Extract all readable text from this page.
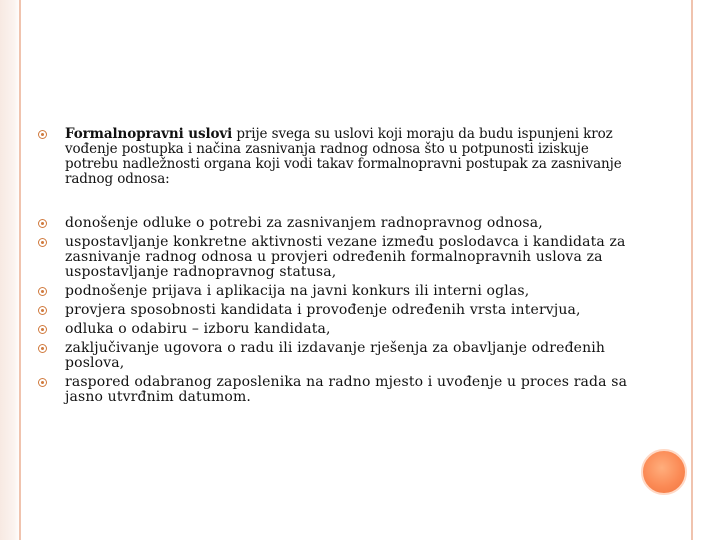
Formalnopravni uslovi prije svega su uslovi koji moraju da budu ispunjeni kroz vođenje postupka i načina zasnivanja radnog odnosa što u potpunosti iziskuje potrebu nadležnosti organa koji vodi takav formalnopravni postupak za zasnivanje radnog odnosa:
donošenje odluke o potrebi za zasnivanjem radnopravnog odnosa,
uspostavljanje konkretne aktivnosti vezane između poslodavca i kandidata za zasnivanje radnog odnosa u provjeri određenih formalnopravnih uslova za uspostavljanje radnopravnog statusa,
podnošenje prijava i aplikacija na javni konkurs ili interni oglas,
provjera sposobnosti kandidata i provođenje određenih vrsta intervjua,
odluka o odabiru – izboru kandidata,
zaključivanje ugovora o radu ili izdavanje rješenja za obavljanje određenih poslova,
raspored odabranog zaposlenika na radno mjesto i uvođenje u proces rada sa jasno utvrđnim datumom.
